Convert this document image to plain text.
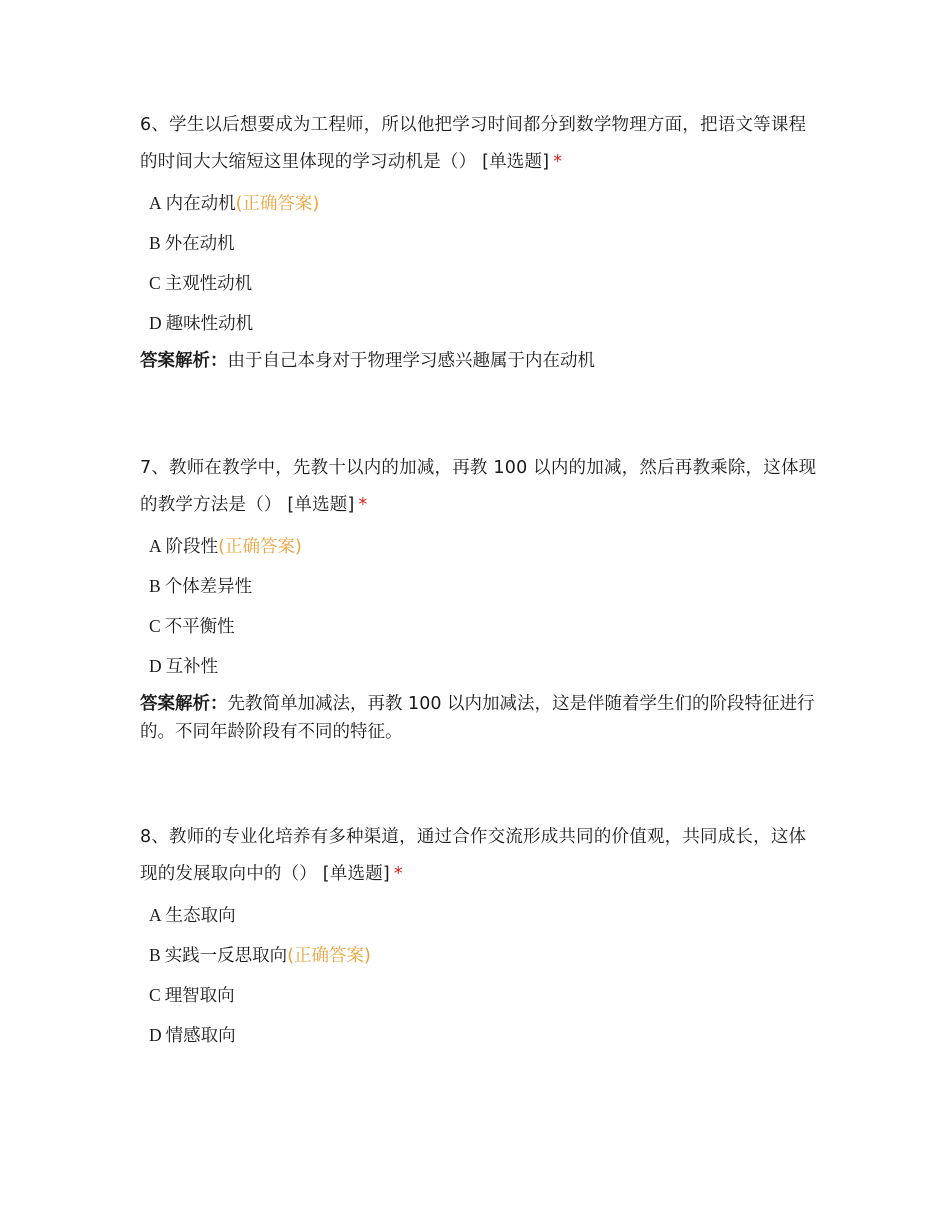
6、学生以后想要成为工程师，所以他把学习时间都分到数学物理方面，把语文等课程的时间大大缩短这里体现的学习动机是（） [单选题] *

A 内在动机(正确答案)
B 外在动机
C 主观性动机
D 趣味性动机
答案解析：由于自己本身对于物理学习感兴趣属于内在动机

7、教师在教学中，先教十以内的加减，再教 100 以内的加减，然后再教乘除，这体现的教学方法是（） [单选题] *

A 阶段性(正确答案)
B 个体差异性
C 不平衡性
D 互补性
答案解析：先教简单加减法，再教 100 以内加减法，这是伴随着学生们的阶段特征进行的。不同年龄阶段有不同的特征。

8、教师的专业化培养有多种渠道，通过合作交流形成共同的价值观，共同成长，这体现的发展取向中的（） [单选题] *

A 生态取向
B 实践一反思取向(正确答案)
C 理智取向
D 情感取向
